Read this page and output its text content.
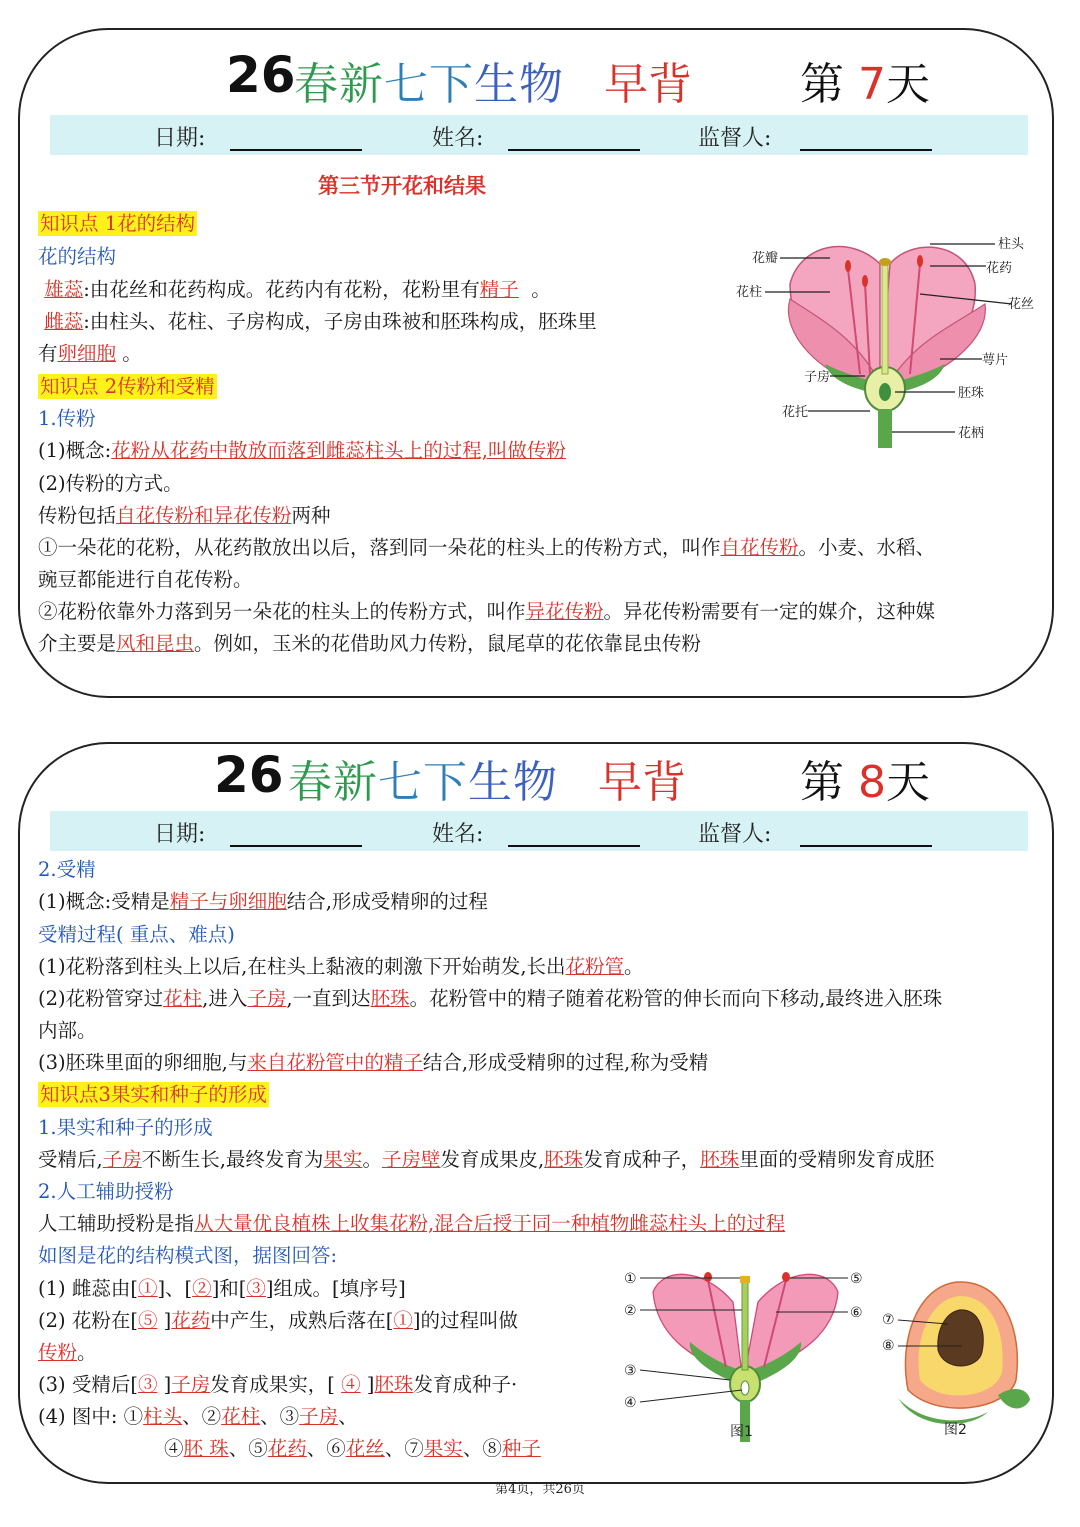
26
春新七下生物 早背 第 7天
日期:	姓名:	监督人:
第三节开花和结果
知识点 1花的结构
花的结构
雄蕊:由花丝和花药构成。花药内有花粉，花粉里有精子 。
雌蕊:由柱头、花柱、子房构成，子房由珠被和胚珠构成，胚珠里
有卵细胞 。
知识点 2传粉和受精
1.传粉
(1)概念:花粉从花药中散放而落到雌蕊柱头上的过程,叫做传粉
(2)传粉的方式。
传粉包括自花传粉和异花传粉两种
①一朵花的花粉，从花药散放出以后，落到同一朵花的柱头上的传粉方式，叫作自花传粉。小麦、水稻、
豌豆都能进行自花传粉。
②花粉依靠外力落到另一朵花的柱头上的传粉方式，叫作异花传粉。异花传粉需要有一定的媒介，这种媒
介主要是风和昆虫。例如，玉米的花借助风力传粉，鼠尾草的花依靠昆虫传粉
花瓣
花柱
子房
花托
柱头
花药
花丝
萼片
胚珠
花柄
26 春新七下生物 早背	第 8天
日期:	姓名:	监督人:
2.受精
(1)概念:受精是精子与卵细胞结合,形成受精卵的过程
受精过程( 重点、难点)
(1)花粉落到柱头上以后,在柱头上黏液的刺激下开始萌发,长出花粉管。
(2)花粉管穿过花柱,进入子房,一直到达胚珠。花粉管中的精子随着花粉管的伸长而向下移动,最终进入胚珠
内部。
(3)胚珠里面的卵细胞,与来自花粉管中的精子结合,形成受精卵的过程,称为受精
知识点3果实和种子的形成
1.果实和种子的形成
受精后,子房不断生长,最终发育为果实。子房壁发育成果皮,胚珠发育成种子，胚珠里面的受精卵发育成胚
2.人工辅助授粉
人工辅助授粉是指从大量优良植株上收集花粉,混合后授于同一种植物雌蕊柱头上的过程
如图是花的结构模式图，据图回答:
(1) 雌蕊由[①]、[②]和[③]组成。[填序号]
(2) 花粉在[⑤ ]花药中产生，成熟后落在[①]的过程叫做
传粉。
(3) 受精后[③ ]子房发育成果实，[ ④ ]胚珠发育成种子·
(4) 图中: ①柱头、②花柱、③子房、
④胚 珠、⑤花药、⑥花丝、⑦果实、⑧种子
①
②
③
④
⑤
⑥
图1
⑦
⑧
图2
第4页，共26页
